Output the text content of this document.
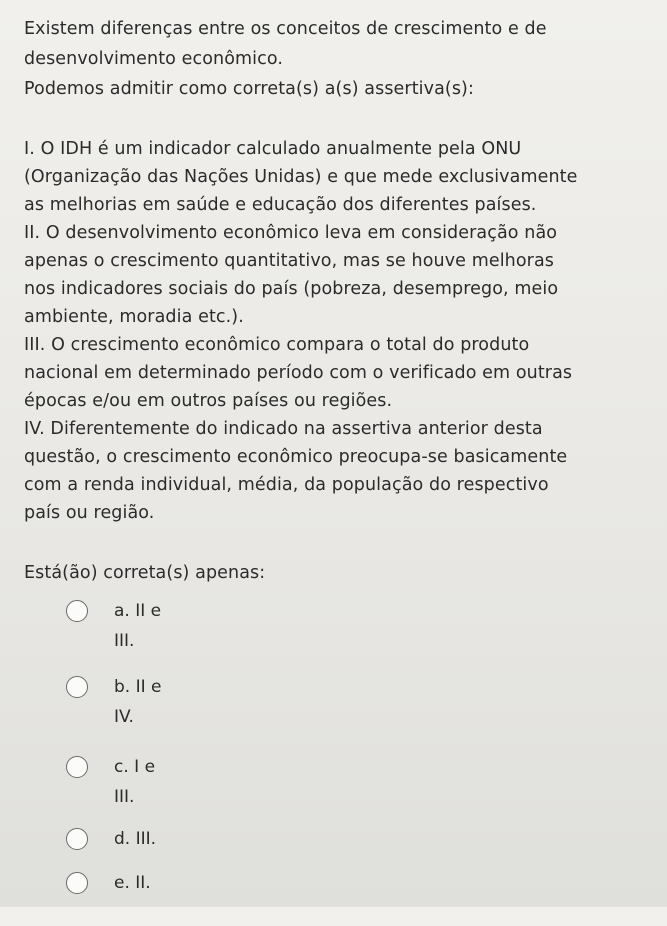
Existem diferenças entre os conceitos de crescimento e de
desenvolvimento econômico.
Podemos admitir como correta(s) a(s) assertiva(s):
I. O IDH é um indicador calculado anualmente pela ONU
(Organização das Nações Unidas) e que mede exclusivamente
as melhorias em saúde e educação dos diferentes países.
II. O desenvolvimento econômico leva em consideração não
apenas o crescimento quantitativo, mas se houve melhoras
nos indicadores sociais do país (pobreza, desemprego, meio
ambiente, moradia etc.).
III. O crescimento econômico compara o total do produto
nacional em determinado período com o verificado em outras
épocas e/ou em outros países ou regiões.
IV. Diferentemente do indicado na assertiva anterior desta
questão, o crescimento econômico preocupa-se basicamente
com a renda individual, média, da população do respectivo
país ou região.
Está(ão) correta(s) apenas:
a. II e
III.
b. II e
IV.
c. I e
III.
d. III.
e. II.
